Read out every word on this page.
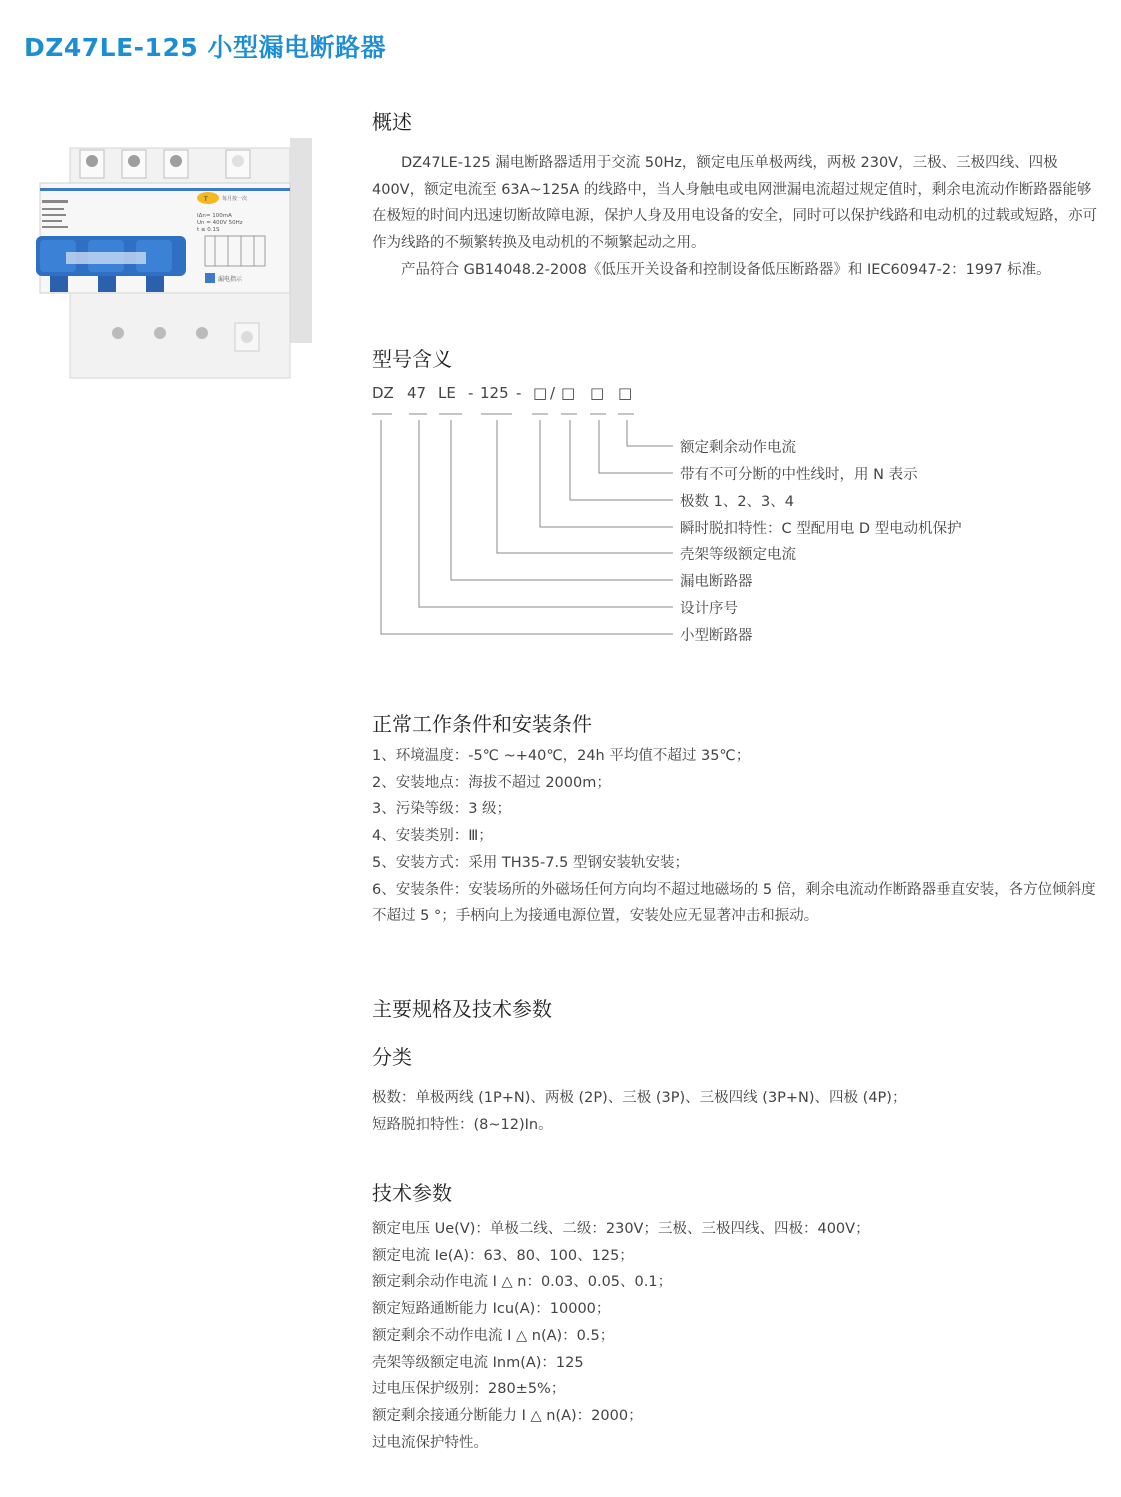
DZ47LE-125 小型漏电断路器
T	每月按一次
IΔn= 100mA
Un = 400V 50Hz
t ≤ 0.1S
漏电指示
概述

DZ47LE-125 漏电断路器适用于交流 50Hz，额定电压单极两线，两极 230V，三极、三极四线、四极 400V，额定电流至 63A~125A 的线路中，当人身触电或电网泄漏电流超过规定值时，剩余电流动作断路器能够在极短的时间内迅速切断故障电源，保护人身及用电设备的安全，同时可以保护线路和电动机的过载或短路，亦可作为线路的不频繁转换及电动机的不频繁起动之用。

产品符合 GB14048.2-2008《低压开关设备和控制设备低压断路器》和 IEC60947-2：1997 标准。

型号含义
DZ 47 LE - 125 - □ / □ □ □
额定剩余动作电流
带有不可分断的中性线时，用 N 表示
极数 1、2、3、4
瞬时脱扣特性：C 型配用电 D 型电动机保护
壳架等级额定电流
漏电断路器
设计序号
小型断路器
正常工作条件和安装条件
1、环境温度：-5℃ ~+40℃，24h 平均值不超过 35℃；
2、安装地点：海拔不超过 2000m；
3、污染等级：3 级；
4、安装类别：Ⅲ；
5、安装方式：采用 TH35-7.5 型钢安装轨安装；
6、安装条件：安装场所的外磁场任何方向均不超过地磁场的 5 倍，剩余电流动作断路器垂直安装，各方位倾斜度不超过 5 °；手柄向上为接通电源位置，安装处应无显著冲击和振动。
主要规格及技术参数
分类
极数：单极两线 (1P+N)、两极 (2P)、三极 (3P)、三极四线 (3P+N)、四极 (4P)；
短路脱扣特性：(8~12)In。
技术参数
额定电压 Ue(V)：单极二线、二级：230V；三极、三极四线、四极：400V；
额定电流 Ie(A)：63、80、100、125；
额定剩余动作电流 I △ n：0.03、0.05、0.1；
额定短路通断能力 Icu(A)：10000；
额定剩余不动作电流 I △ n(A)：0.5；
壳架等级额定电流 Inm(A)：125
过电压保护级别：280±5%；
额定剩余接通分断能力 I △ n(A)：2000；
过电流保护特性。
